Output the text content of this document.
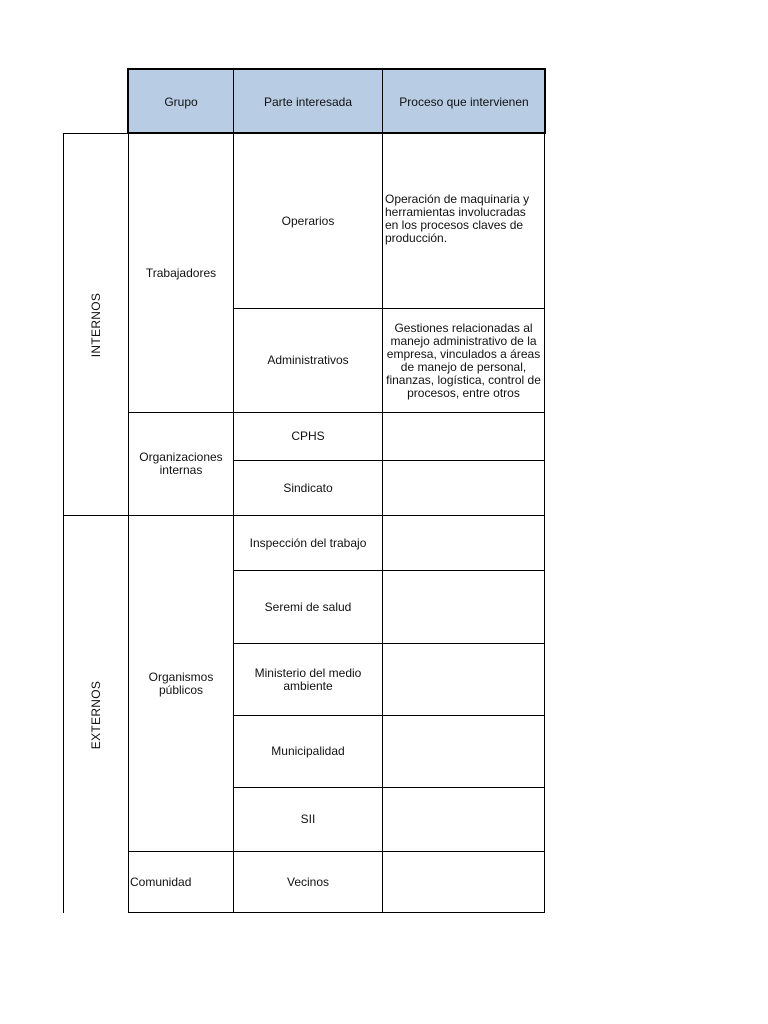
Grupo	Parte interesada	Proceso que intervienen
INTERNOS
EXTERNOS
Trabajadores
Organizaciones internas
Organismos públicos
Comunidad
Operarios
Administrativos
CPHS
Sindicato
Inspección del trabajo
Seremi de salud
Ministerio del medio ambiente
Municipalidad
SII
Vecinos
Operación de maquinaria y herramientas involucradas en los procesos claves de producción.
Gestiones relacionadas al manejo administrativo de la empresa, vinculados a áreas de manejo de personal, finanzas, logística, control de procesos, entre otros
